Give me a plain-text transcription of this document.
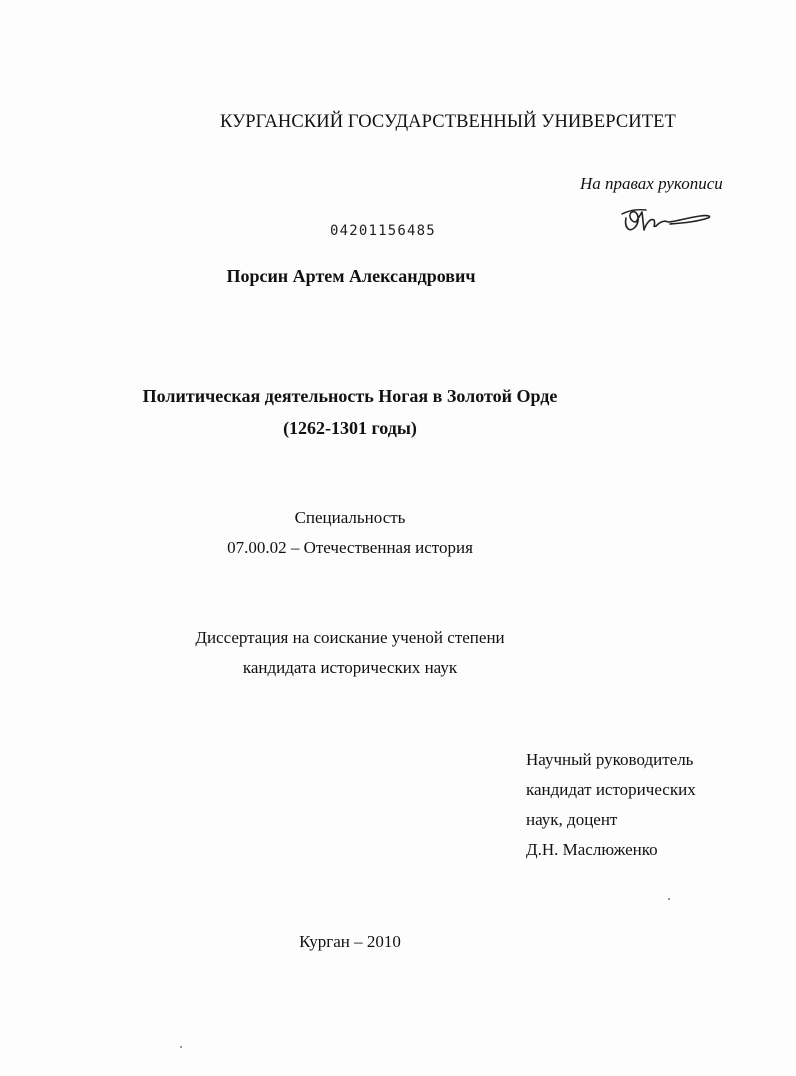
КУРГАНСКИЙ ГОСУДАРСТВЕННЫЙ УНИВЕРСИТЕТ
На правах рукописи
04201156485
Порсин Артем Александрович
Политическая деятельность Ногая в Золотой Орде
(1262-1301 годы)
Специальность
07.00.02 – Отечественная история
Диссертация на соискание ученой степени
кандидата исторических наук
Научный руководитель
кандидат исторических
наук, доцент
Д.Н. Маслюженко
Курган – 2010
